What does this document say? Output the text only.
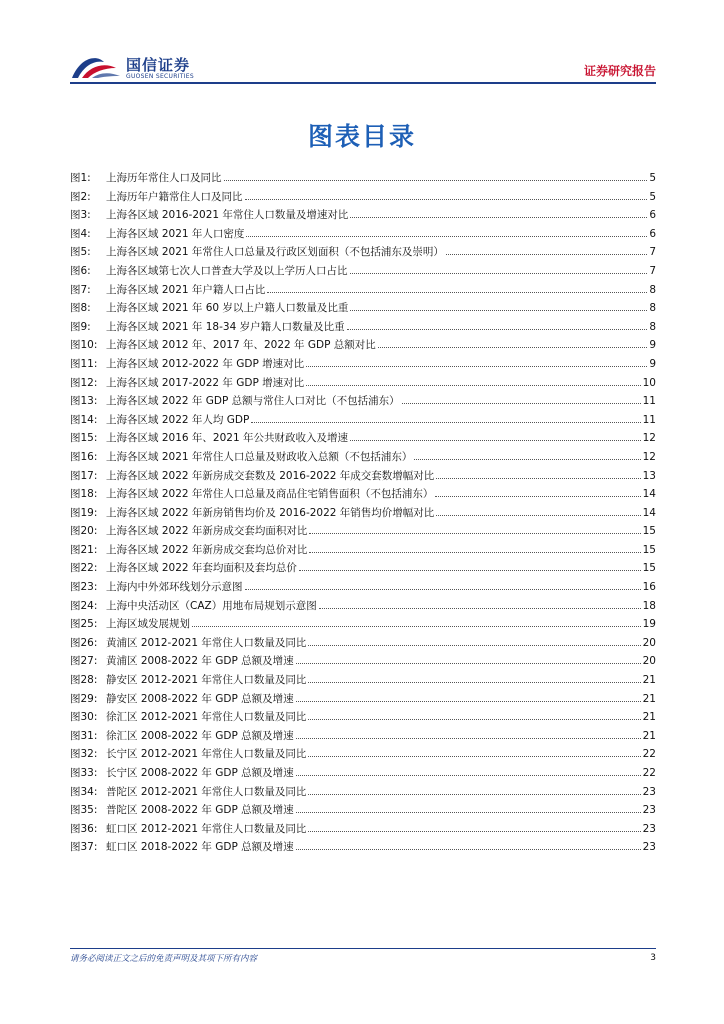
国信证券
GUOSEN SECURITIES	证券研究报告
图表目录
图1:	上海历年常住人口及同比	5
图2:	上海历年户籍常住人口及同比	5
图3:	上海各区域 2016-2021 年常住人口数量及增速对比	6
图4:	上海各区域 2021 年人口密度	6
图5:	上海各区域 2021 年常住人口总量及行政区划面积（不包括浦东及崇明）	7
图6:	上海各区域第七次人口普查大学及以上学历人口占比	7
图7:	上海各区域 2021 年户籍人口占比	8
图8:	上海各区域 2021 年 60 岁以上户籍人口数量及比重	8
图9:	上海各区域 2021 年 18-34 岁户籍人口数量及比重	8
图10: 上海各区域 2012 年、2017 年、2022 年 GDP 总额对比	9
图11: 上海各区域 2012-2022 年 GDP 增速对比	9
图12: 上海各区域 2017-2022 年 GDP 增速对比	10
图13: 上海各区域 2022 年 GDP 总额与常住人口对比（不包括浦东）	11
图14: 上海各区域 2022 年人均 GDP	11
图15: 上海各区域 2016 年、2021 年公共财政收入及增速	12
图16: 上海各区域 2021 年常住人口总量及财政收入总额（不包括浦东）	12
图17: 上海各区域 2022 年新房成交套数及 2016-2022 年成交套数增幅对比	13
图18: 上海各区域 2022 年常住人口总量及商品住宅销售面积（不包括浦东）	14
图19: 上海各区域 2022 年新房销售均价及 2016-2022 年销售均价增幅对比	14
图20: 上海各区域 2022 年新房成交套均面积对比	15
图21: 上海各区域 2022 年新房成交套均总价对比	15
图22: 上海各区域 2022 年套均面积及套均总价	15
图23: 上海内中外郊环线划分示意图	16
图24: 上海中央活动区（CAZ）用地布局规划示意图	18
图25: 上海区域发展规划	19
图26: 黄浦区 2012-2021 年常住人口数量及同比	20
图27: 黄浦区 2008-2022 年 GDP 总额及增速	20
图28: 静安区 2012-2021 年常住人口数量及同比	21
图29: 静安区 2008-2022 年 GDP 总额及增速	21
图30: 徐汇区 2012-2021 年常住人口数量及同比	21
图31: 徐汇区 2008-2022 年 GDP 总额及增速	21
图32: 长宁区 2012-2021 年常住人口数量及同比	22
图33: 长宁区 2008-2022 年 GDP 总额及增速	22
图34: 普陀区 2012-2021 年常住人口数量及同比	23
图35: 普陀区 2008-2022 年 GDP 总额及增速	23
图36: 虹口区 2012-2021 年常住人口数量及同比	23
图37: 虹口区 2018-2022 年 GDP 总额及增速	23
请务必阅读正文之后的免责声明及其项下所有内容	3
